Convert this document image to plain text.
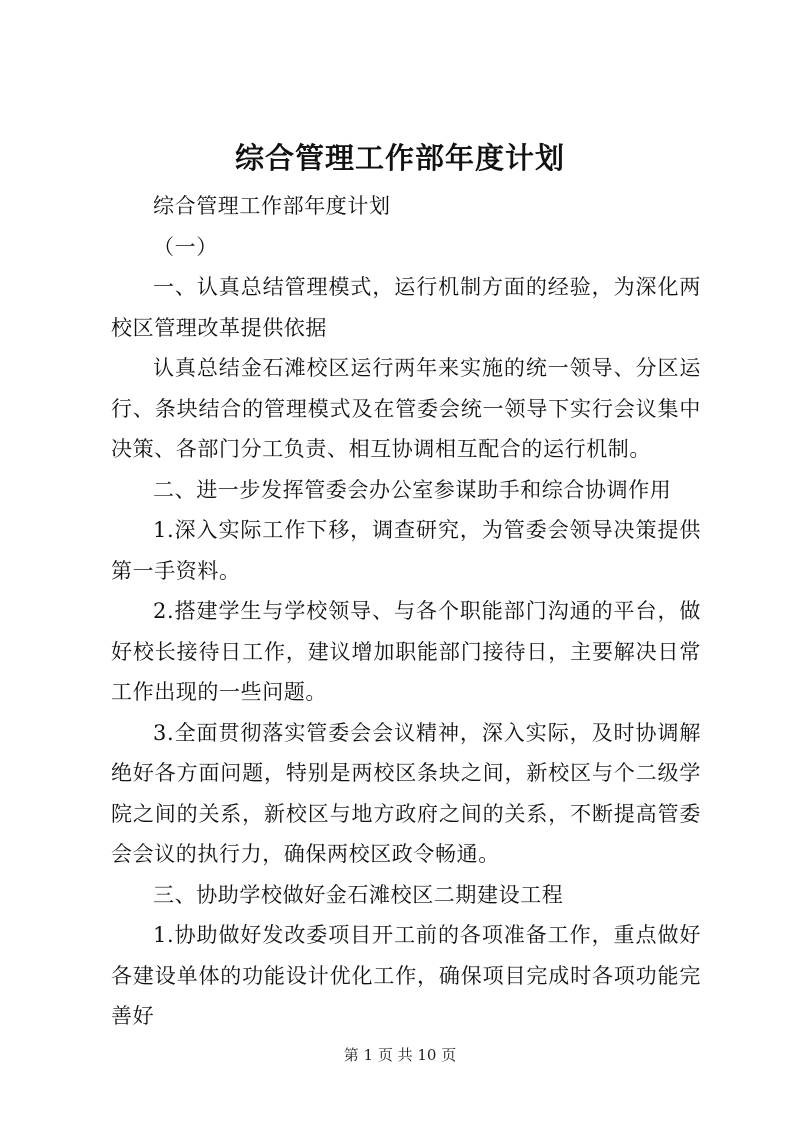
综合管理工作部年度计划

综合管理工作部年度计划

（一）

一、认真总结管理模式，运行机制方面的经验，为深化两校区管理改革提供依据

认真总结金石滩校区运行两年来实施的统一领导、分区运行、条块结合的管理模式及在管委会统一领导下实行会议集中决策、各部门分工负责、相互协调相互配合的运行机制。

二、进一步发挥管委会办公室参谋助手和综合协调作用

1.深入实际工作下移，调查研究，为管委会领导决策提供第一手资料。

2.搭建学生与学校领导、与各个职能部门沟通的平台，做好校长接待日工作，建议增加职能部门接待日，主要解决日常工作出现的一些问题。

3.全面贯彻落实管委会会议精神，深入实际，及时协调解绝好各方面问题，特别是两校区条块之间，新校区与个二级学院之间的关系，新校区与地方政府之间的关系，不断提高管委会会议的执行力，确保两校区政令畅通。

三、协助学校做好金石滩校区二期建设工程

1.协助做好发改委项目开工前的各项准备工作，重点做好各建设单体的功能设计优化工作，确保项目完成时各项功能完善好

第 1 页 共 10 页
